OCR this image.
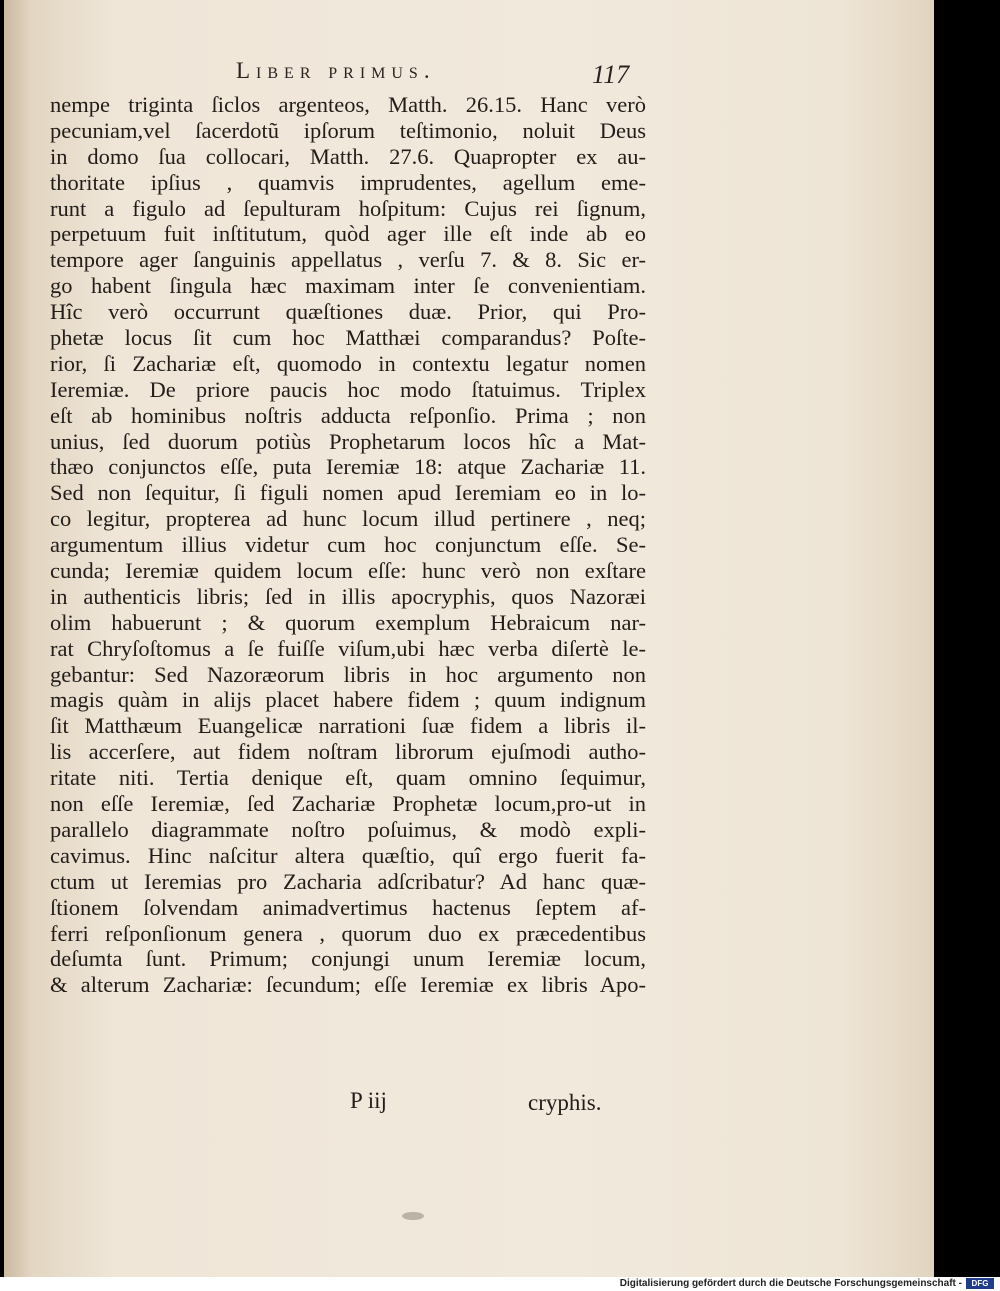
Liber primus.	117
nempe triginta ſiclos argenteos, Matth. 26.15. Hanc verò
pecuniam,vel ſacerdotũ ipſorum teſtimonio, noluit Deus
in domo ſua collocari, Matth. 27.6. Quapropter ex au-
thoritate ipſius , quamvis imprudentes, agellum eme-
runt a figulo ad ſepulturam hoſpitum: Cujus rei ſignum,
perpetuum fuit inſtitutum, quòd ager ille eſt inde ab eo
tempore ager ſanguinis appellatus , verſu 7. & 8. Sic er-
go habent ſingula hæc maximam inter ſe convenientiam.
Hîc verò occurrunt quæſtiones duæ. Prior, qui Pro-
phetæ locus ſit cum hoc Matthæi comparandus? Poſte-
rior, ſi Zachariæ eſt, quomodo in contextu legatur nomen
Ieremiæ. De priore paucis hoc modo ſtatuimus. Triplex
eſt ab hominibus noſtris adducta reſponſio. Prima ; non
unius, ſed duorum potiùs Prophetarum locos hîc a Mat-
thæo conjunctos eſſe, puta Ieremiæ 18: atque Zachariæ 11.
Sed non ſequitur, ſi figuli nomen apud Ieremiam eo in lo-
co legitur, propterea ad hunc locum illud pertinere , neq;
argumentum illius videtur cum hoc conjunctum eſſe. Se-
cunda; Ieremiæ quidem locum eſſe: hunc verò non exſtare
in authenticis libris; ſed in illis apocryphis, quos Nazoræi
olim habuerunt ; & quorum exemplum Hebraicum nar-
rat Chryſoſtomus a ſe fuiſſe viſum,ubi hæc verba diſertè le-
gebantur: Sed Nazoræorum libris in hoc argumento non
magis quàm in alijs placet habere fidem ; quum indignum
ſit Matthæum Euangelicæ narrationi ſuæ fidem a libris il-
lis accerſere, aut fidem noſtram librorum ejuſmodi autho-
ritate niti. Tertia denique eſt, quam omnino ſequimur,
non eſſe Ieremiæ, ſed Zachariæ Prophetæ locum,pro-ut in
parallelo diagrammate noſtro poſuimus, & modò expli-
cavimus. Hinc naſcitur altera quæſtio, quî ergo fuerit fa-
ctum ut Ieremias pro Zacharia adſcribatur? Ad hanc quæ-
ſtionem ſolvendam animadvertimus hactenus ſeptem af-
ferri reſponſionum genera , quorum duo ex præcedentibus
deſumta ſunt. Primum; conjungi unum Ieremiæ locum,
& alterum Zachariæ: ſecundum; eſſe Ieremiæ ex libris Apo-
P iij	cryphis.
Digitalisierung gefördert durch die Deutsche Forschungsgemeinschaft -	DFG
